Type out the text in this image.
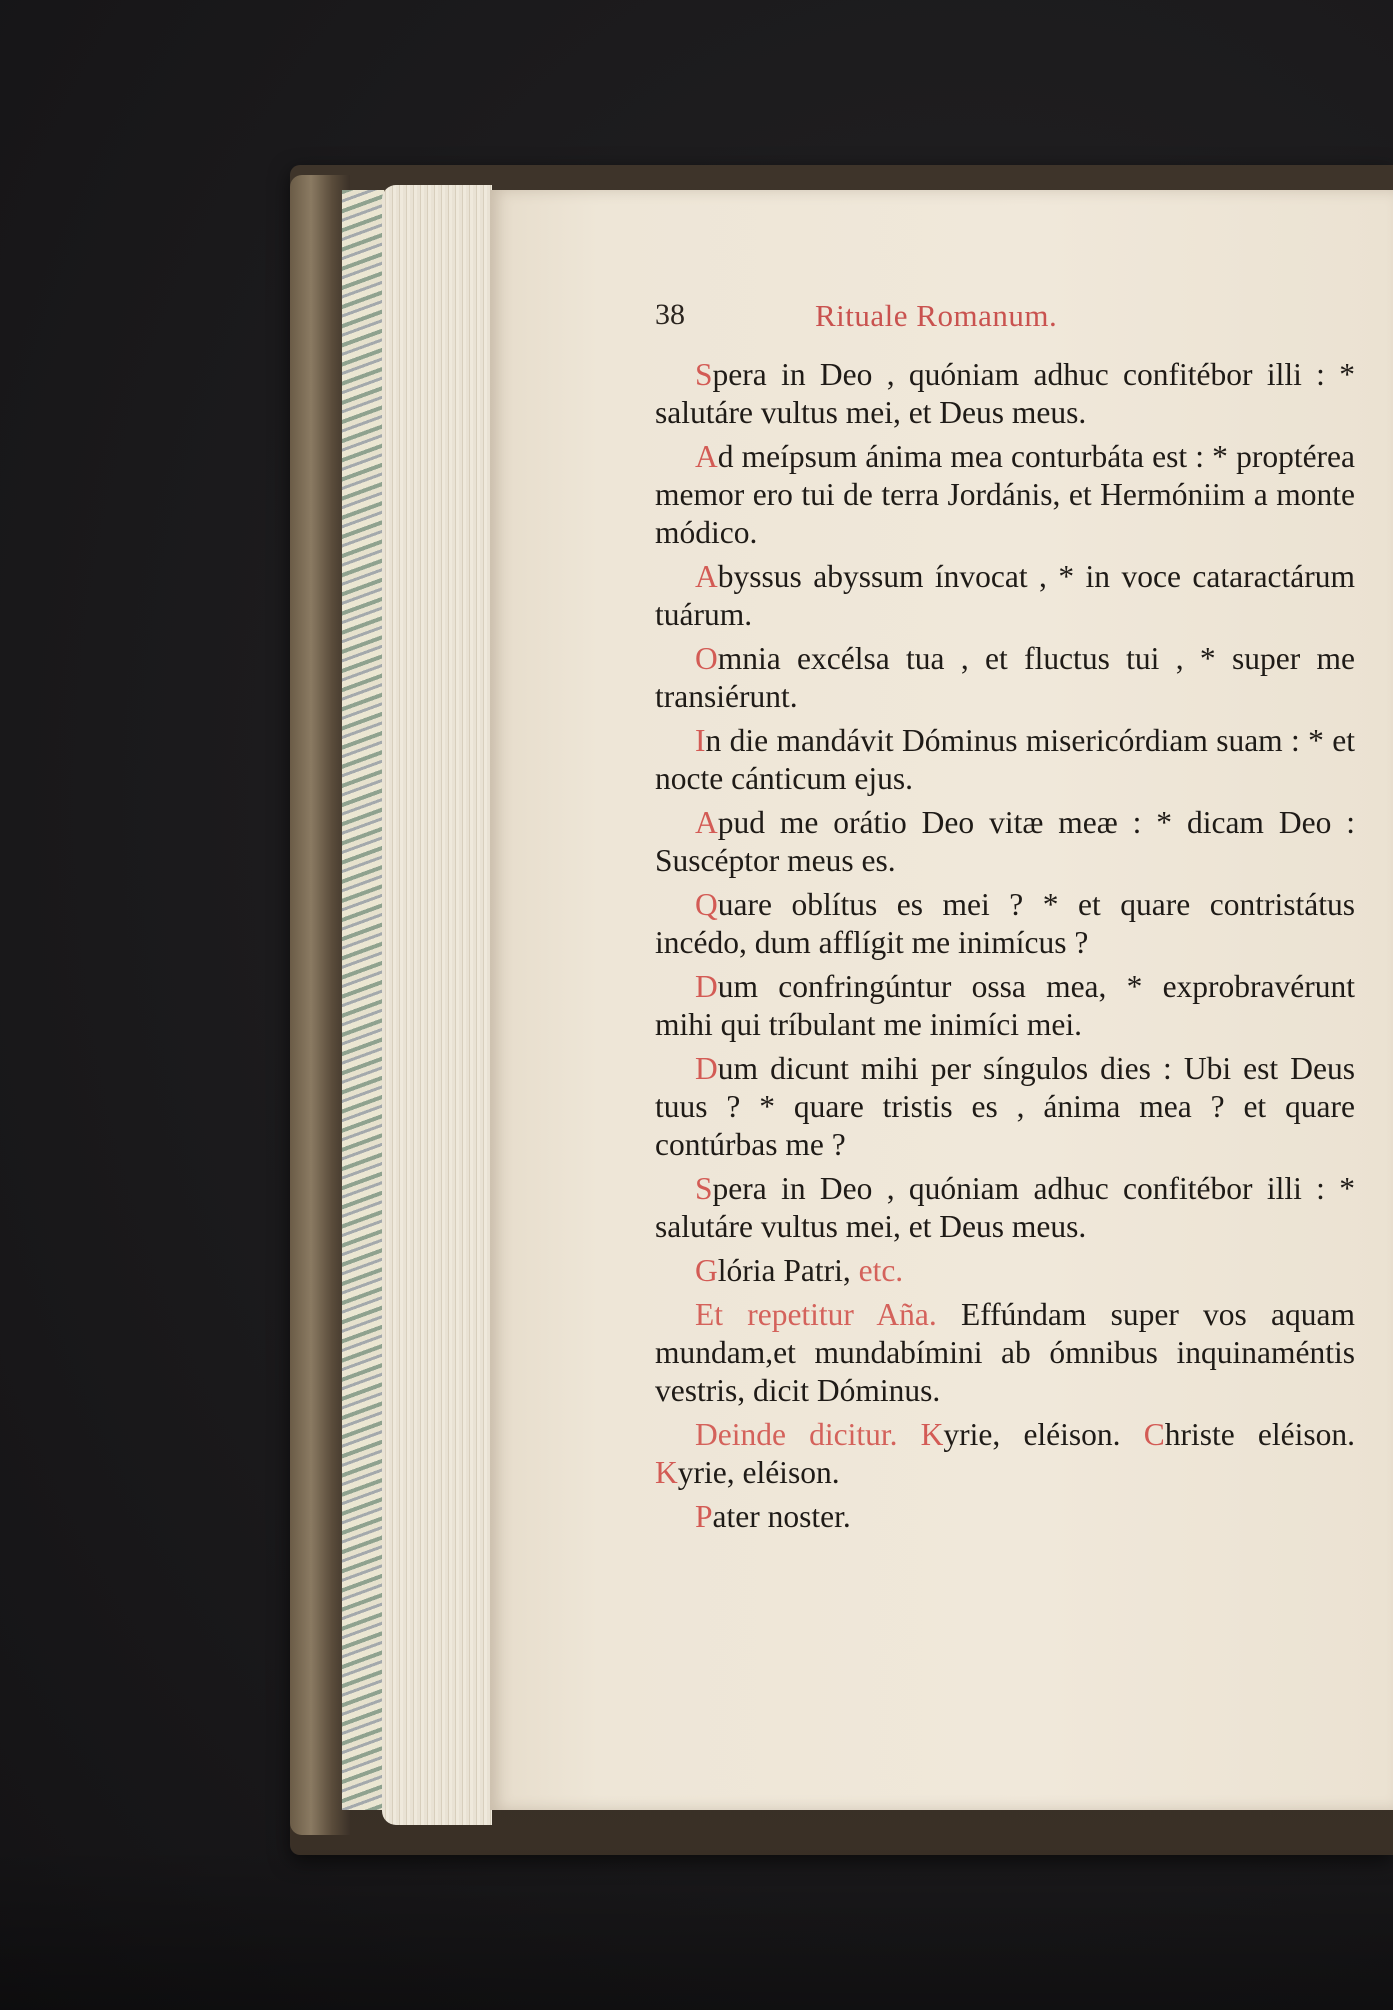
38	Rituale Romanum.

Spera in Deo , quóniam adhuc confitébor illi : * salutáre vultus mei, et Deus meus.

Ad meípsum ánima mea conturbáta est : * proptérea memor ero tui de terra Jordánis, et Hermóniim a monte módico.

Abyssus abyssum ínvocat , * in voce cataractárum tuárum.

Omnia excélsa tua , et fluctus tui , * super me transiérunt.

In die mandávit Dóminus misericórdiam suam : * et nocte cánticum ejus.

Apud me orátio Deo vitæ meæ : * dicam Deo : Suscéptor meus es.

Quare oblítus es mei ? * et quare contristátus incédo, dum afflígit me inimícus ?

Dum confringúntur ossa mea, * exprobravérunt mihi qui tríbulant me inimíci mei.

Dum dicunt mihi per síngulos dies : Ubi est Deus tuus ? * quare tristis es , ánima mea ? et quare contúrbas me ?

Spera in Deo , quóniam adhuc confitébor illi : * salutáre vultus mei, et Deus meus.

Glória Patri, etc.

Et repetitur Aña. Effúndam super vos aquam mundam,et mundabímini ab ómnibus inquinaméntis vestris, dicit Dóminus.

Deinde dicitur. Kyrie, eléison. Christe eléison. Kyrie, eléison.

Pater noster.
